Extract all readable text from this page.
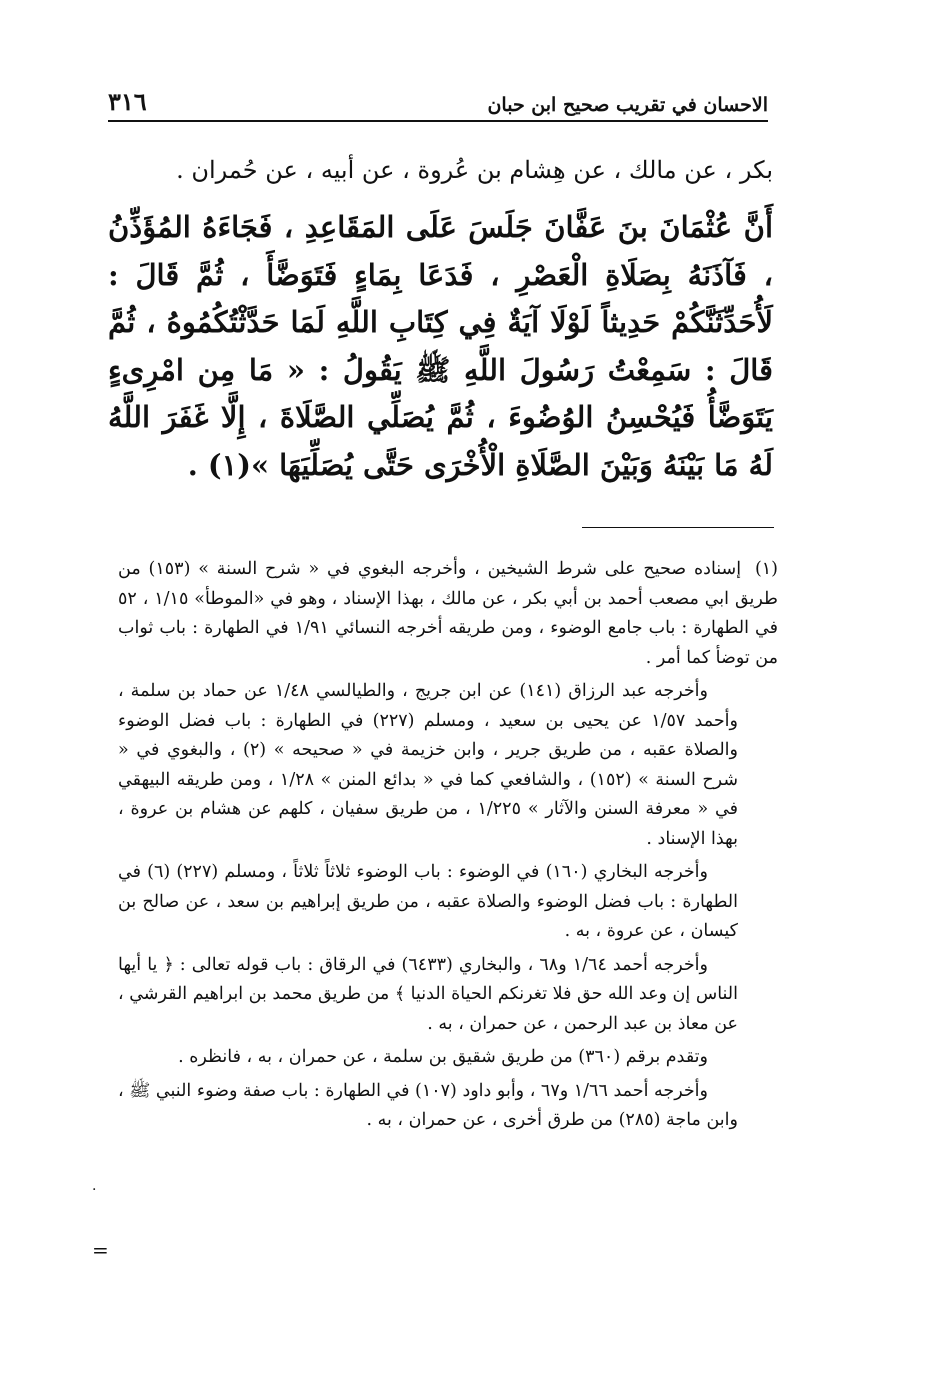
٣١٦	الاحسان في تقريب صحيح ابن حبان

بكر ، عن مالك ، عن هِشام بن عُروة ، عن أبيه ، عن حُمران .

أَنَّ عُثْمَانَ بنَ عَفَّانَ جَلَسَ عَلَى المَقَاعِدِ ، فَجَاءَهُ المُؤَذِّنُ ، فَآذَنَهُ بِصَلَاةِ الْعَصْرِ ، فَدَعَا بِمَاءٍ فَتَوَضَّأَ ، ثُمَّ قَالَ : لَأُحَدِّثَنَّكُمْ حَدِيثاً لَوْلَا آيَةٌ فِي كِتَابِ اللَّهِ لَمَا حَدَّثْتُكُمُوهُ ، ثُمَّ قَالَ : سَمِعْتُ رَسُولَ اللَّهِ ﷺ يَقُولُ : « مَا مِن امْرِىءٍ يَتَوَضَّأُ فَيُحْسِنُ الوُضُوءَ ، ثُمَّ يُصَلِّي الصَّلَاةَ ، إِلَّا غَفَرَ اللَّهُ لَهُ مَا بَيْنَهُ وَبَيْنَ الصَّلَاةِ الْأُخْرَى حَتَّى يُصَلِّيَهَا »(١) .

(١) إسناده صحيح على شرط الشيخين ، وأخرجه البغوي في « شرح السنة » (١٥٣) من طريق ابي مصعب أحمد بن أبي بكر ، عن مالك ، بهذا الإسناد ، وهو في «الموطأ» ١/١٥ ، ٥٢ في الطهارة : باب جامع الوضوء ، ومن طريقه أخرجه النسائي ١/٩١ في الطهارة : باب ثواب من توضأ كما أمر .

وأخرجه عبد الرزاق (١٤١) عن ابن جريج ، والطيالسي ١/٤٨ عن حماد بن سلمة ، وأحمد ١/٥٧ عن يحيى بن سعيد ، ومسلم (٢٢٧) في الطهارة : باب فضل الوضوء والصلاة عقبه ، من طريق جرير ، وابن خزيمة في « صحيحه » (٢) ، والبغوي في « شرح السنة » (١٥٢) ، والشافعي كما في « بدائع المنن » ١/٢٨ ، ومن طريقه البيهقي في « معرفة السنن والآثار » ١/٢٢٥ ، من طريق سفيان ، كلهم عن هشام بن عروة ، بهذا الإسناد .

وأخرجه البخاري (١٦٠) في الوضوء : باب الوضوء ثلاثاً ثلاثاً ، ومسلم (٢٢٧) (٦) في الطهارة : باب فضل الوضوء والصلاة عقبه ، من طريق إبراهيم بن سعد ، عن صالح بن كيسان ، عن عروة ، به .

وأخرجه أحمد ١/٦٤ و٦٨ ، والبخاري (٦٤٣٣) في الرقاق : باب قوله تعالى : ﴿ يا أيها الناس إن وعد الله حق فلا تغرنكم الحياة الدنيا ﴾ من طريق محمد بن ابراهيم القرشي ، عن معاذ بن عبد الرحمن ، عن حمران ، به .

وتقدم برقم (٣٦٠) من طريق شقيق بن سلمة ، عن حمران ، به ، فانظره .

وأخرجه أحمد ١/٦٦ و٦٧ ، وأبو داود (١٠٧) في الطهارة : باب صفة وضوء النبي ﷺ ، وابن ماجة (٢٨٥) من طرق أخرى ، عن حمران ، به .

·
=
